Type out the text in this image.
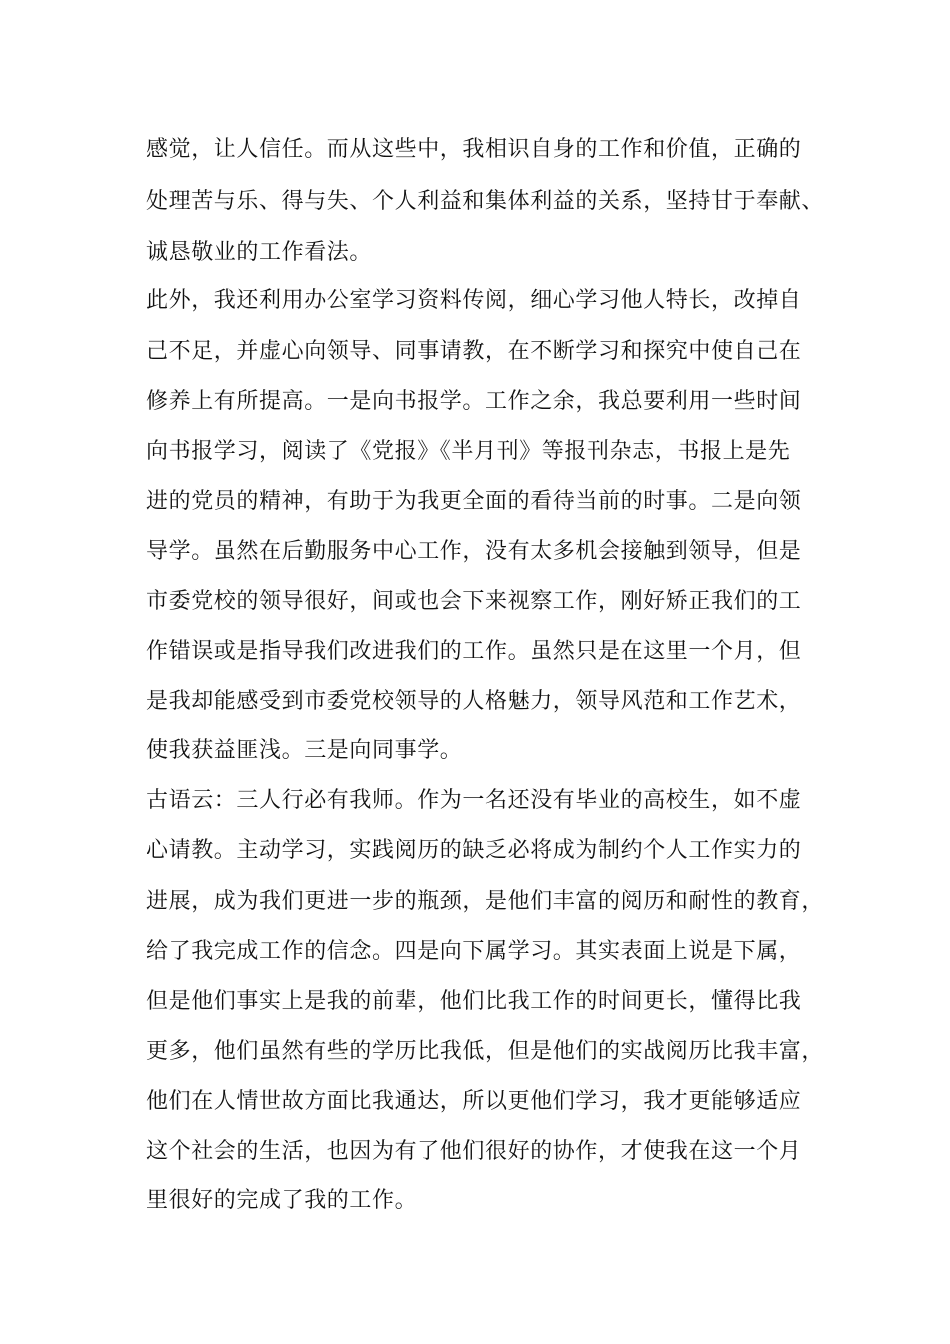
感觉，让人信任。而从这些中，我相识自身的工作和价值，正确的
处理苦与乐、得与失、个人利益和集体利益的关系，坚持甘于奉献、
诚恳敬业的工作看法。
此外，我还利用办公室学习资料传阅，细心学习他人特长，改掉自
己不足，并虚心向领导、同事请教，在不断学习和探究中使自己在
修养上有所提高。一是向书报学。工作之余，我总要利用一些时间
向书报学习，阅读了《党报》《半月刊》等报刊杂志，书报上是先
进的党员的精神，有助于为我更全面的看待当前的时事。二是向领
导学。虽然在后勤服务中心工作，没有太多机会接触到领导，但是
市委党校的领导很好，间或也会下来视察工作，刚好矫正我们的工
作错误或是指导我们改进我们的工作。虽然只是在这里一个月，但
是我却能感受到市委党校领导的人格魅力，领导风范和工作艺术，
使我获益匪浅。三是向同事学。
古语云：三人行必有我师。作为一名还没有毕业的高校生，如不虚
心请教。主动学习，实践阅历的缺乏必将成为制约个人工作实力的
进展，成为我们更进一步的瓶颈，是他们丰富的阅历和耐性的教育，
给了我完成工作的信念。四是向下属学习。其实表面上说是下属，
但是他们事实上是我的前辈，他们比我工作的时间更长，懂得比我
更多，他们虽然有些的学历比我低，但是他们的实战阅历比我丰富，
他们在人情世故方面比我通达，所以更他们学习，我才更能够适应
这个社会的生活，也因为有了他们很好的协作，才使我在这一个月
里很好的完成了我的工作。
